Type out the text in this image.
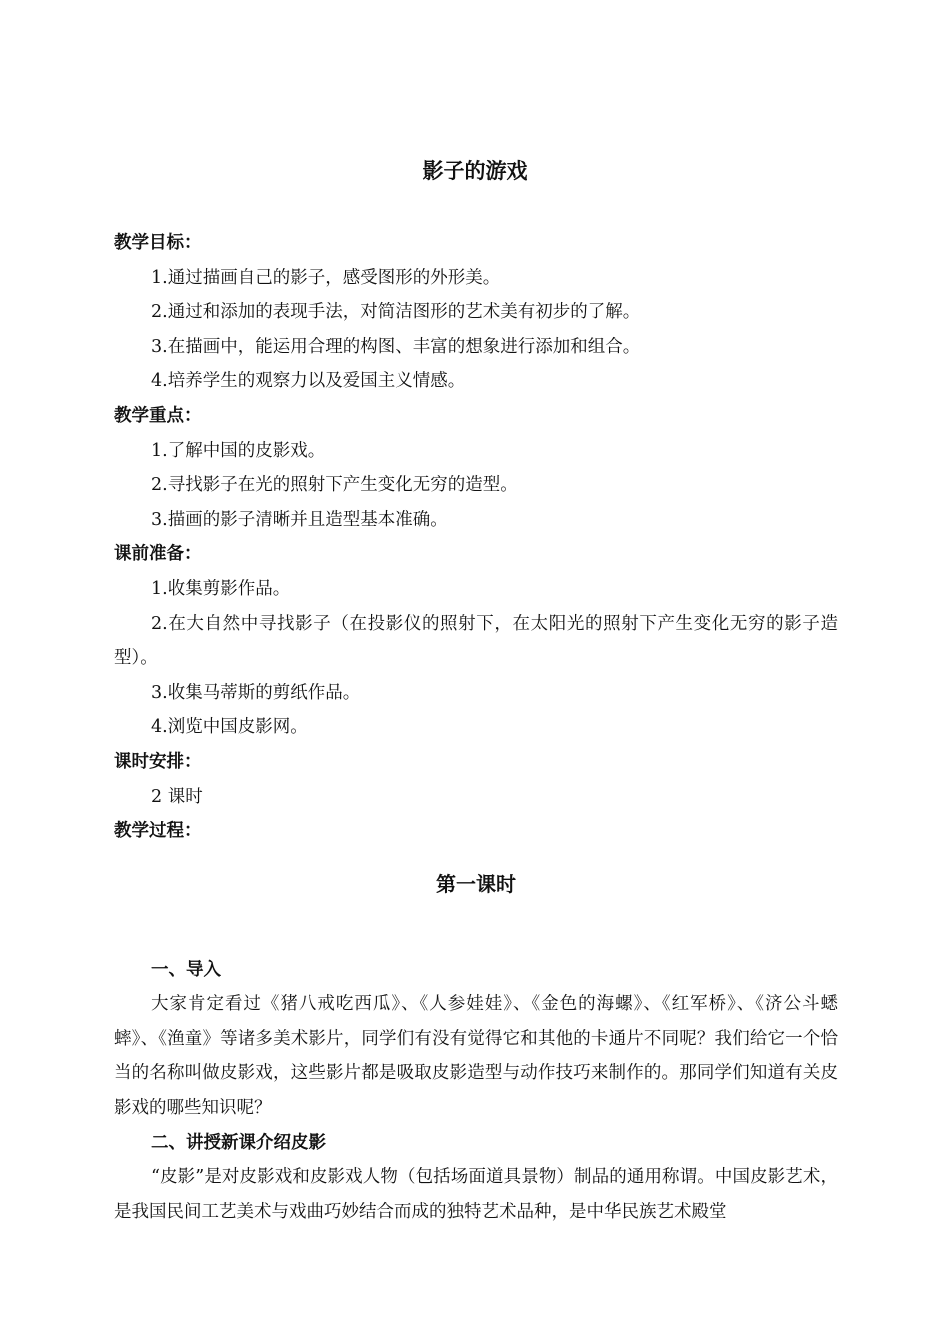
影子的游戏
教学目标：
1.通过描画自己的影子，感受图形的外形美。
2.通过和添加的表现手法，对简洁图形的艺术美有初步的了解。
3.在描画中，能运用合理的构图、丰富的想象进行添加和组合。
4.培养学生的观察力以及爱国主义情感。
教学重点：
1.了解中国的皮影戏。
2.寻找影子在光的照射下产生变化无穷的造型。
3.描画的影子清晰并且造型基本准确。
课前准备：
1.收集剪影作品。
2.在大自然中寻找影子（在投影仪的照射下，在太阳光的照射下产生变化无穷的影子造型）。
3.收集马蒂斯的剪纸作品。
4.浏览中国皮影网。
课时安排：
2 课时
教学过程：
第一课时
一、导入
大家肯定看过《猪八戒吃西瓜》、《人参娃娃》、《金色的海螺》、《红军桥》、《济公斗蟋蟀》、《渔童》等诸多美术影片，同学们有没有觉得它和其他的卡通片不同呢？我们给它一个恰当的名称叫做皮影戏，这些影片都是吸取皮影造型与动作技巧来制作的。那同学们知道有关皮影戏的哪些知识呢？
二、讲授新课介绍皮影
“皮影”是对皮影戏和皮影戏人物（包括场面道具景物）制品的通用称谓。中国皮影艺术，是我国民间工艺美术与戏曲巧妙结合而成的独特艺术品种，是中华民族艺术殿堂
